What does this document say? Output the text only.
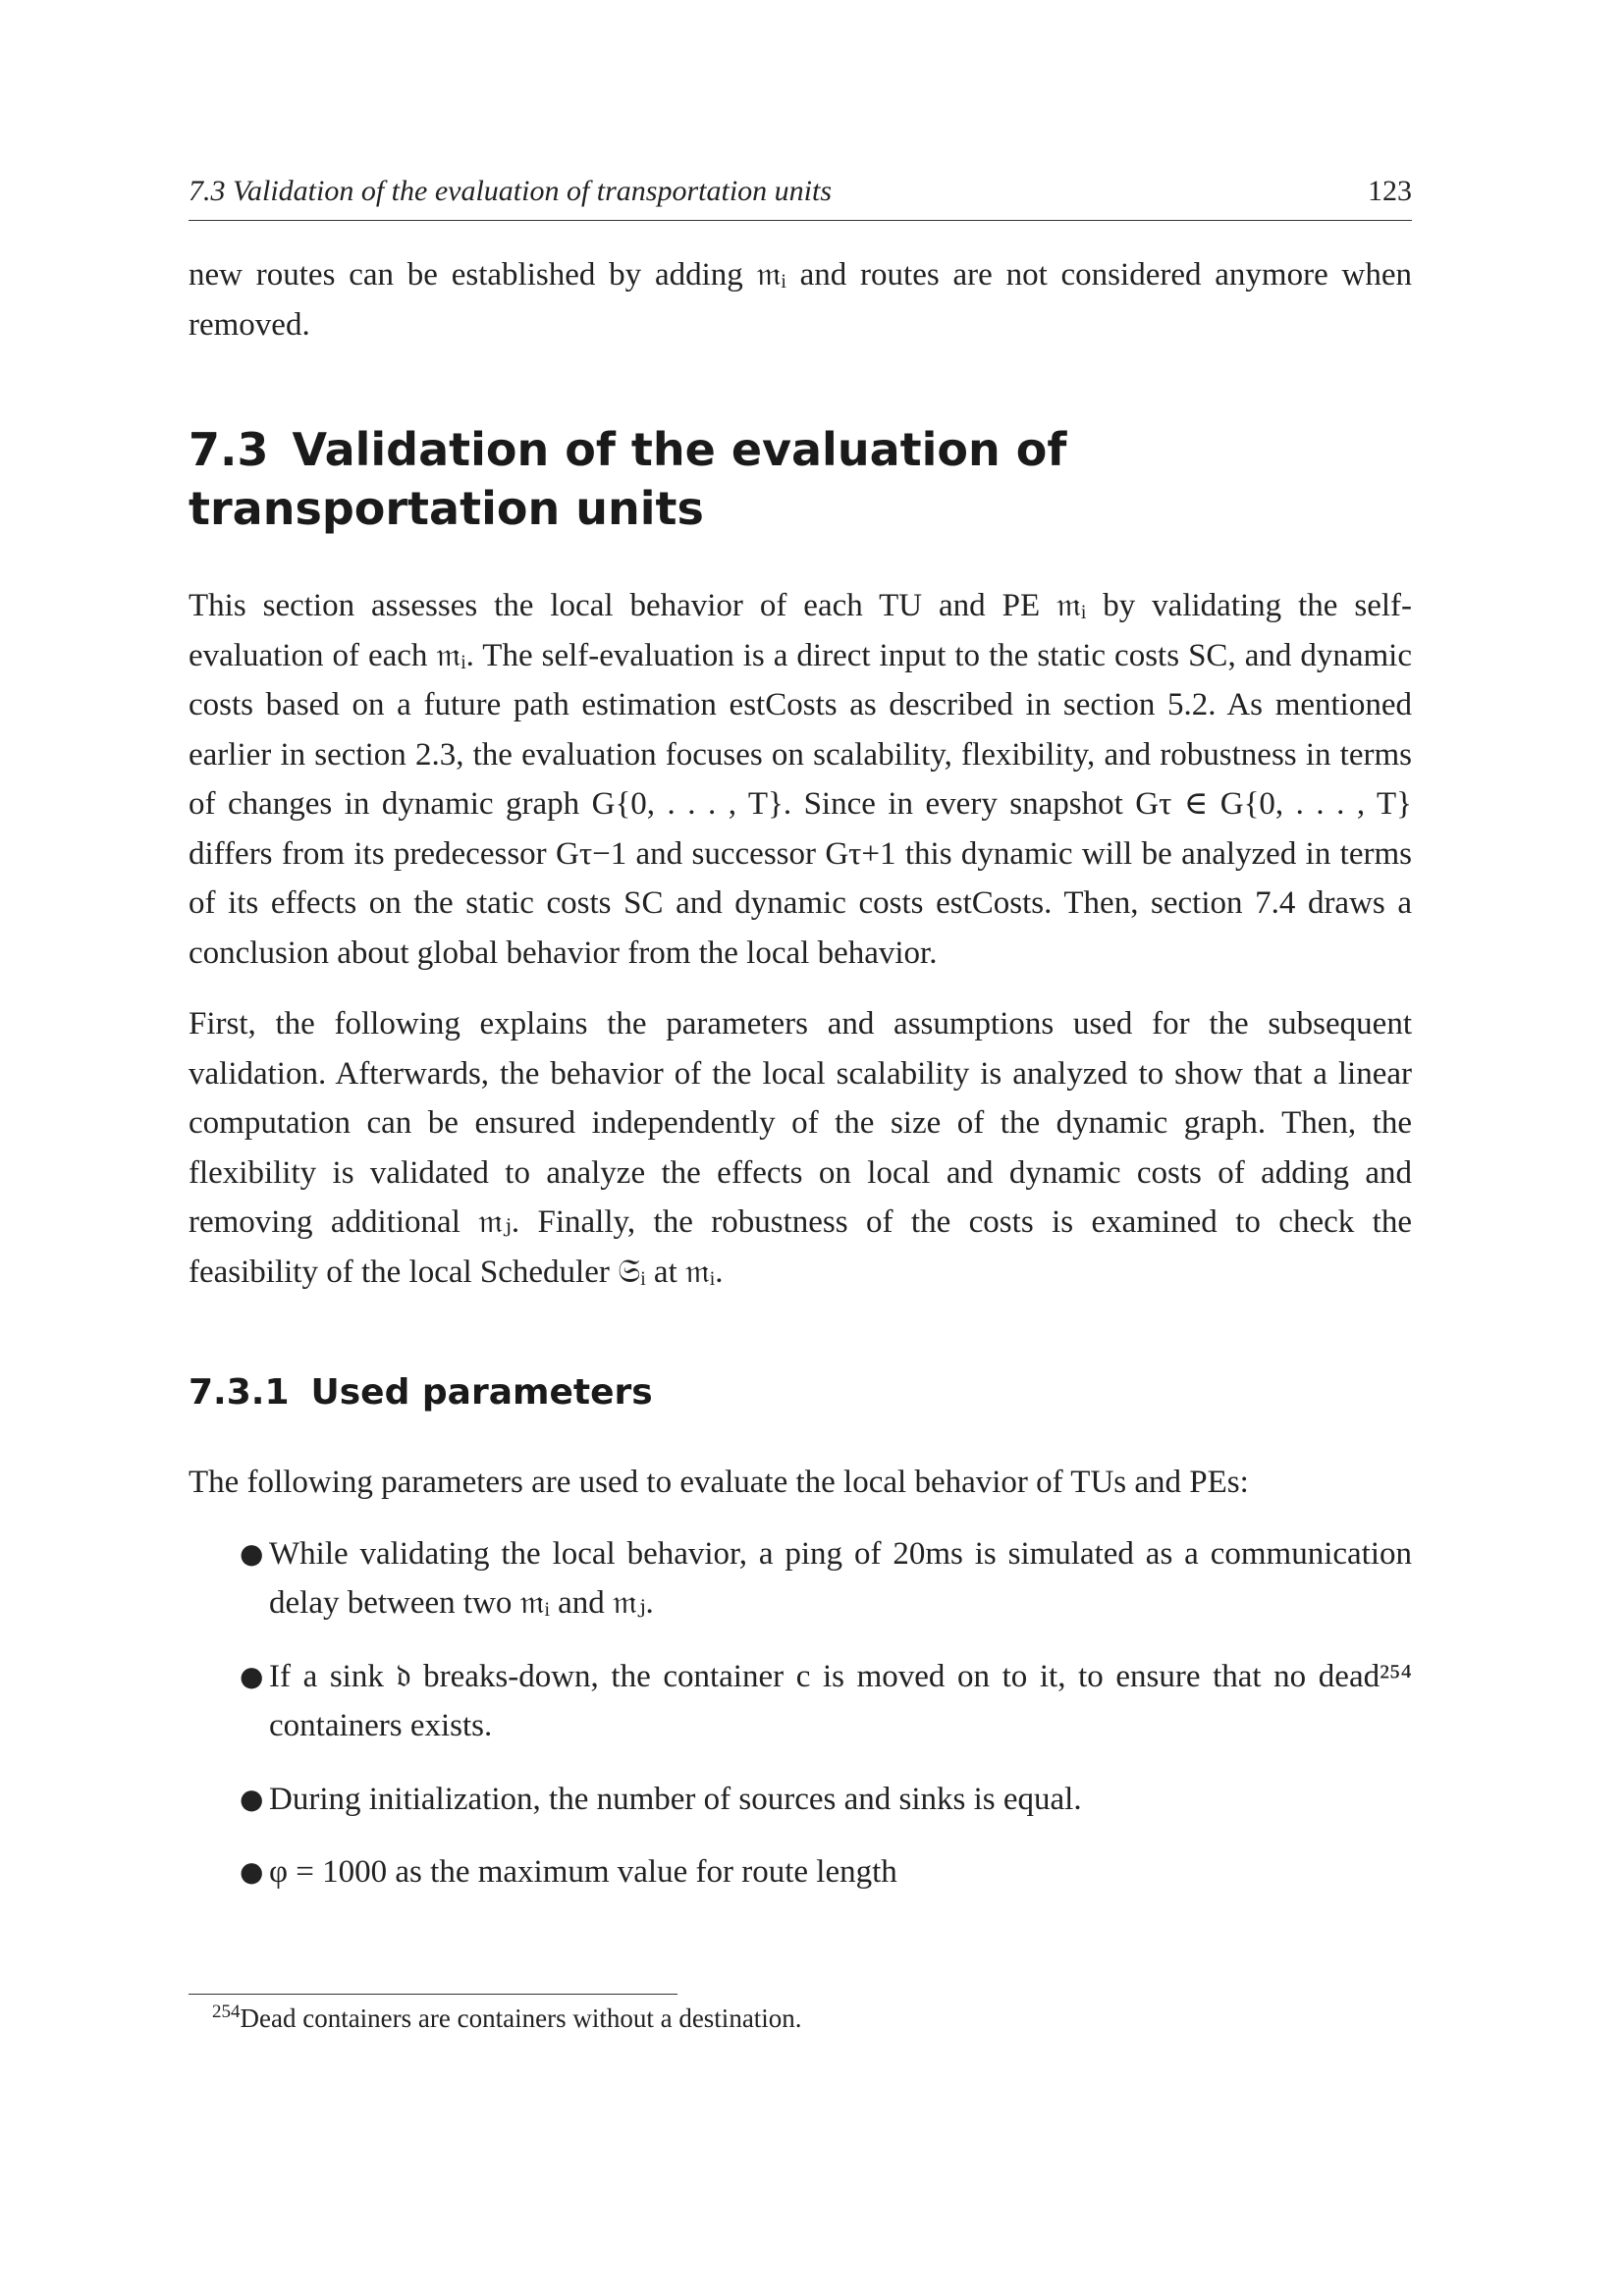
7.3 Validation of the evaluation of transportation units	123

new routes can be established by adding 𝔪ᵢ and routes are not considered anymore when removed.

7.3 Validation of the evaluation of transportation units

This section assesses the local behavior of each TU and PE 𝔪ᵢ by validating the self-evaluation of each 𝔪ᵢ. The self-evaluation is a direct input to the static costs SC, and dynamic costs based on a future path estimation estCosts as described in section 5.2. As mentioned earlier in section 2.3, the evaluation focuses on scalability, flexibility, and robustness in terms of changes in dynamic graph G{0, . . . , T}. Since in every snapshot Gτ ∈ G{0, . . . , T} differs from its predecessor Gτ−1 and successor Gτ+1 this dynamic will be analyzed in terms of its effects on the static costs SC and dynamic costs estCosts. Then, section 7.4 draws a conclusion about global behavior from the local behavior.

First, the following explains the parameters and assumptions used for the subsequent validation. Afterwards, the behavior of the local scalability is analyzed to show that a linear computation can be ensured independently of the size of the dynamic graph. Then, the flexibility is validated to analyze the effects on local and dynamic costs of adding and removing additional 𝔪ⱼ. Finally, the robustness of the costs is examined to check the feasibility of the local Scheduler 𝔖ᵢ at 𝔪ᵢ.

7.3.1 Used parameters

The following parameters are used to evaluate the local behavior of TUs and PEs:

● While validating the local behavior, a ping of 20ms is simulated as a communication delay between two 𝔪ᵢ and 𝔪ⱼ.

● If a sink 𝔡 breaks-down, the container c is moved on to it, to ensure that no dead²⁵⁴ containers exists.

● During initialization, the number of sources and sinks is equal.

● φ = 1000 as the maximum value for route length

$^{254}$Dead containers are containers without a destination.
